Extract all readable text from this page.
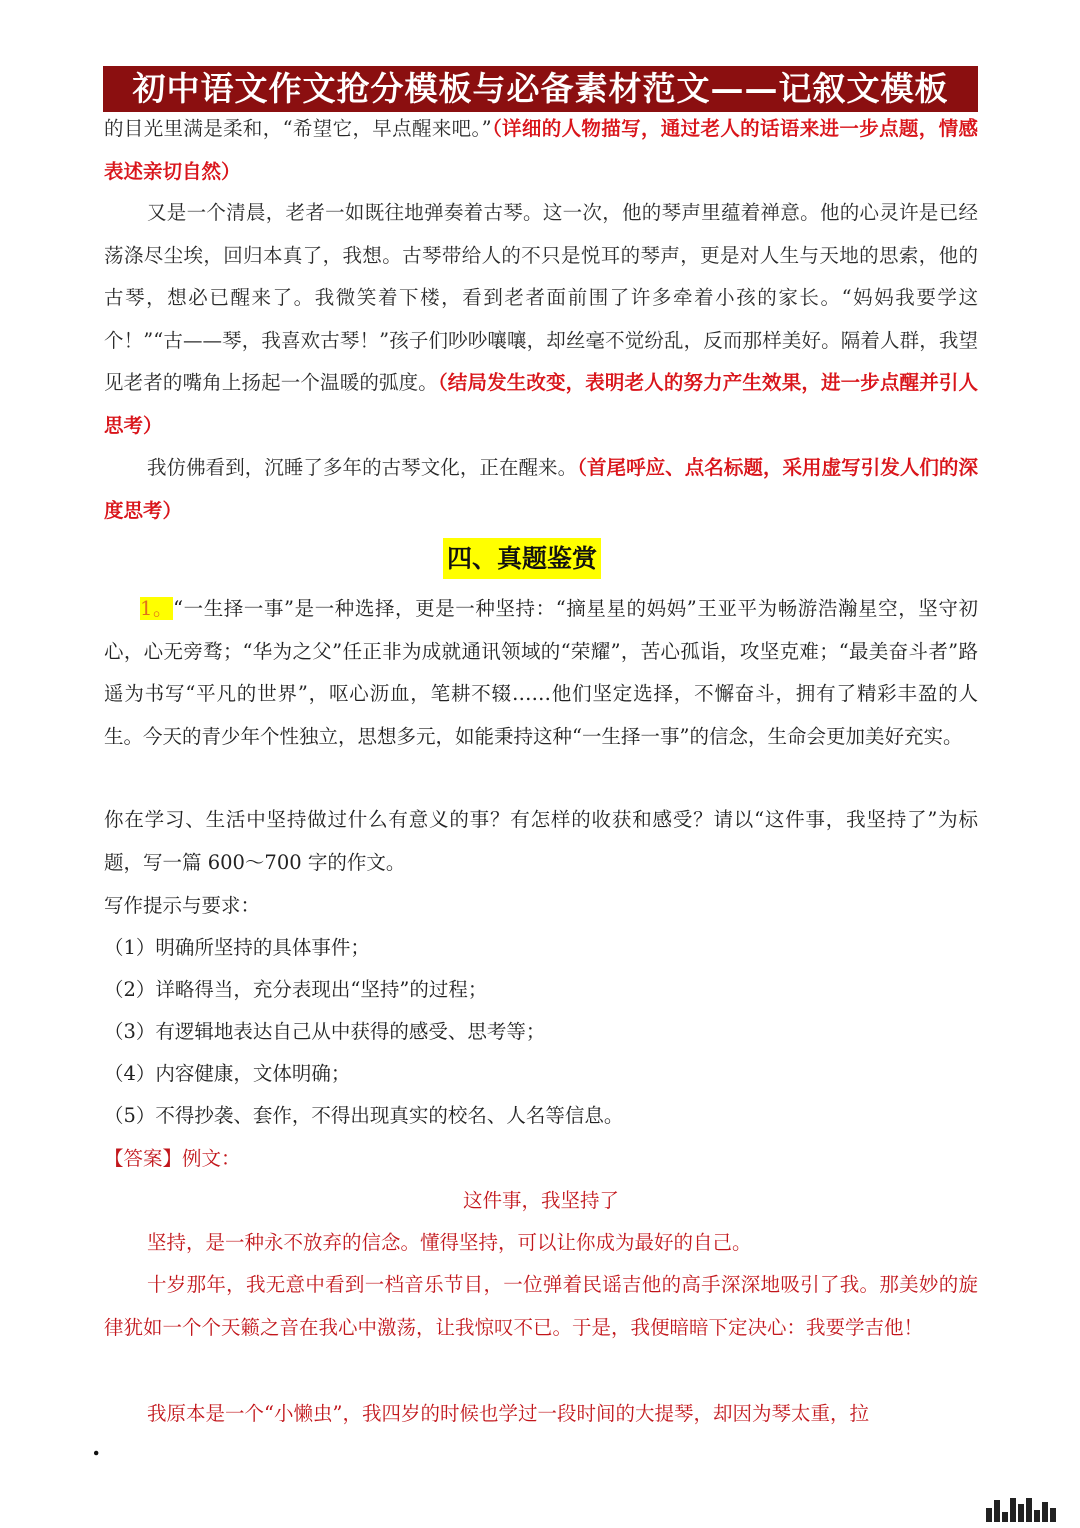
初中语文作文抢分模板与必备素材范文——记叙文模板
的目光里满是柔和，“希望它，早点醒来吧。”（详细的人物描写，通过老人的话语来进一步点题，情感表述亲切自然）
又是一个清晨，老者一如既往地弹奏着古琴。这一次，他的琴声里蕴着禅意。他的心灵许是已经荡涤尽尘埃，回归本真了，我想。古琴带给人的不只是悦耳的琴声，更是对人生与天地的思索，他的古琴，想必已醒来了。我微笑着下楼，看到老者面前围了许多牵着小孩的家长。“妈妈我要学这个！”“古——琴，我喜欢古琴！”孩子们吵吵嚷嚷，却丝毫不觉纷乱，反而那样美好。隔着人群，我望见老者的嘴角上扬起一个温暖的弧度。（结局发生改变，表明老人的努力产生效果，进一步点醒并引人思考）
我仿佛看到，沉睡了多年的古琴文化，正在醒来。（首尾呼应、点名标题，采用虚写引发人们的深度思考）
四、真题鉴赏
1。“一生择一事”是一种选择，更是一种坚持：“摘星星的妈妈”王亚平为畅游浩瀚星空，坚守初心，心无旁骛；“华为之父”任正非为成就通讯领域的“荣耀”，苦心孤诣，攻坚克难；“最美奋斗者”路遥为书写“平凡的世界”，呕心沥血，笔耕不辍……他们坚定选择，不懈奋斗，拥有了精彩丰盈的人生。今天的青少年个性独立，思想多元，如能秉持这种“一生择一事”的信念，生命会更加美好充实。
你在学习、生活中坚持做过什么有意义的事？有怎样的收获和感受？请以“这件事，我坚持了”为标题，写一篇 600～700 字的作文。
写作提示与要求：
（1）明确所坚持的具体事件；
（2）详略得当，充分表现出“坚持”的过程；
（3）有逻辑地表达自己从中获得的感受、思考等；
（4）内容健康，文体明确；
（5）不得抄袭、套作，不得出现真实的校名、人名等信息。
【答案】例文：
这件事，我坚持了
坚持，是一种永不放弃的信念。懂得坚持，可以让你成为最好的自己。
十岁那年，我无意中看到一档音乐节目，一位弹着民谣吉他的高手深深地吸引了我。那美妙的旋律犹如一个个天籁之音在我心中激荡，让我惊叹不已。于是，我便暗暗下定决心：我要学吉他！
我原本是一个“小懒虫”，我四岁的时候也学过一段时间的大提琴，却因为琴太重，拉
.
